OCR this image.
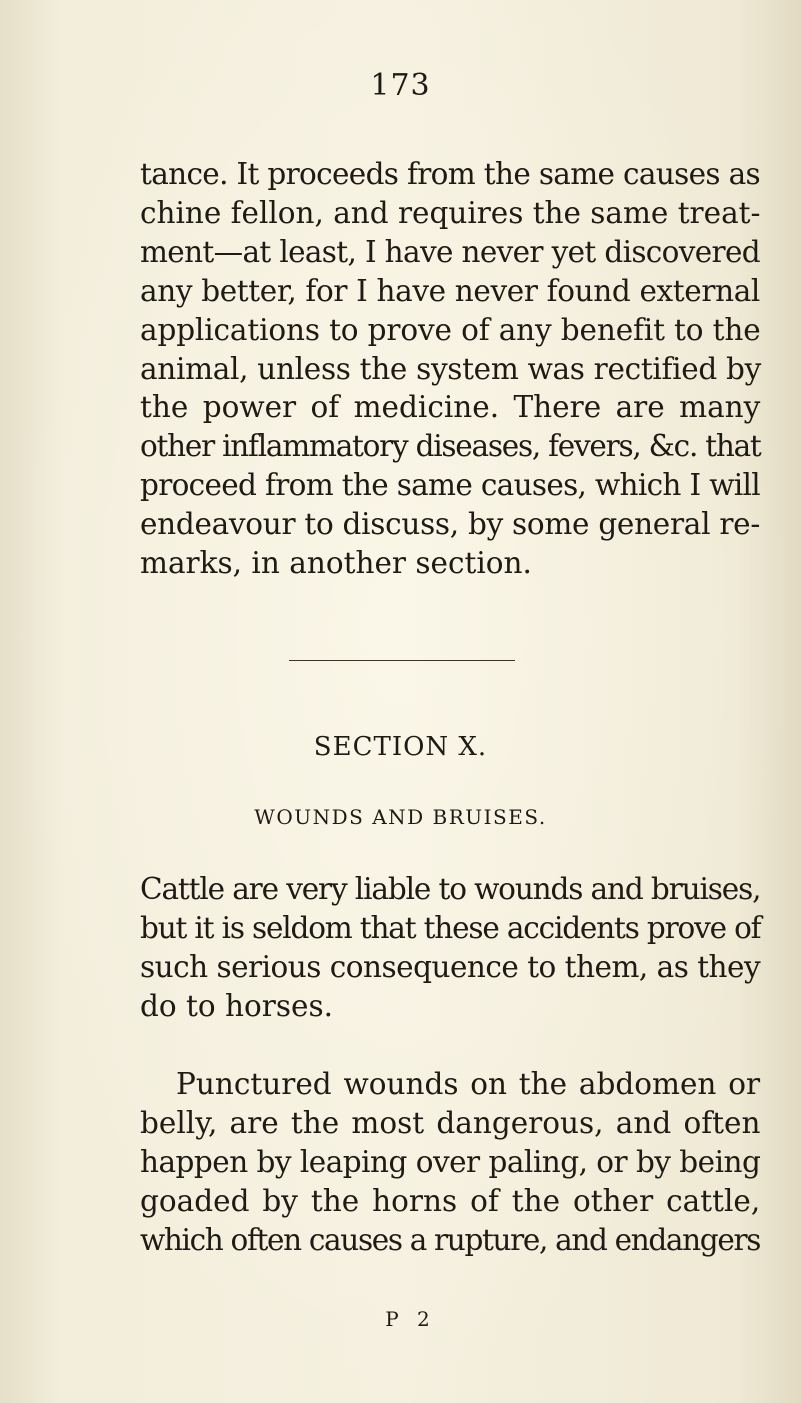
173
tance. It proceeds from the same causes as
chine fellon, and requires the same treat-
ment—at least, I have never yet discovered
any better, for I have never found external
applications to prove of any benefit to the
animal, unless the system was rectified by
the power of medicine. There are many
other inflammatory diseases, fevers, &c. that
proceed from the same causes, which I will
endeavour to discuss, by some general re-
marks, in another section.
SECTION X.
WOUNDS AND BRUISES.
Cattle are very liable to wounds and bruises,
but it is seldom that these accidents prove of
such serious consequence to them, as they
do to horses.
Punctured wounds on the abdomen or
belly, are the most dangerous, and often
happen by leaping over paling, or by being
goaded by the horns of the other cattle,
which often causes a rupture, and endangers
P 2
